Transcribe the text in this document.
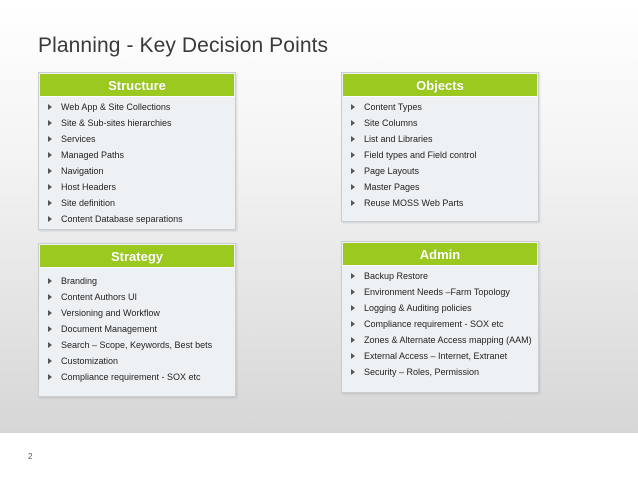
Planning - Key Decision Points
Structure
Web App & Site Collections
Site & Sub-sites hierarchies
Services
Managed Paths
Navigation
Host Headers
Site definition
Content Database separations
Objects
Content Types
Site Columns
List and Libraries
Field types and Field control
Page Layouts
Master Pages
Reuse MOSS Web Parts
Strategy
Branding
Content Authors UI
Versioning and Workflow
Document Management
Search – Scope, Keywords, Best bets
Customization
Compliance requirement - SOX etc
Admin
Backup Restore
Environment Needs –Farm Topology
Logging & Auditing policies
Compliance requirement - SOX etc
Zones & Alternate Access mapping (AAM)
External Access – Internet, Extranet
Security – Roles, Permission
2
